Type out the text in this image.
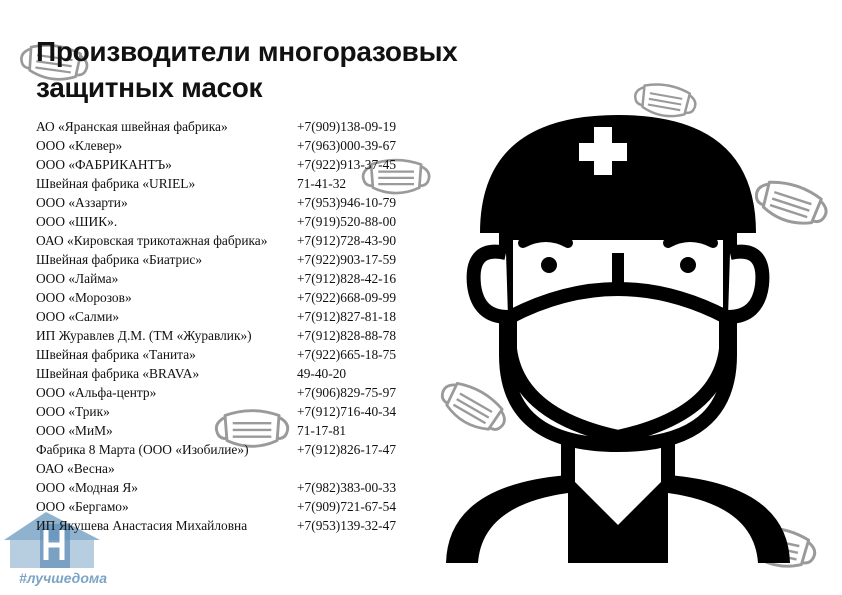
#лучшедома
Производители многоразовых защитных масок
АО «Яранская швейная фабрика»	+7(909)138-09-19
ООО «Клевер»	+7(963)000-39-67
ООО «ФАБРИКАНТЪ»	+7(922)913-37-45
Швейная фабрика «URIEL»	71-41-32
ООО «Аззарти»	+7(953)946-10-79
ООО «ШИК».	+7(919)520-88-00
ОАО «Кировская трикотажная фабрика»	+7(912)728-43-90
Швейная фабрика «Биатрис»	+7(922)903-17-59
ООО «Лайма»	+7(912)828-42-16
ООО «Морозов»	+7(922)668-09-99
ООО «Салми»	+7(912)827-81-18
ИП Журавлев Д.М. (ТМ «Журавлик»)	+7(912)828-88-78
Швейная фабрика «Танита»	+7(922)665-18-75
Швейная фабрика «BRAVA»	49-40-20
ООО «Альфа-центр»	+7(906)829-75-97
ООО «Трик»	+7(912)716-40-34
ООО «МиМ»	71-17-81
Фабрика 8 Марта (ООО «Изобилие»)	+7(912)826-17-47
ОАО «Весна»
ООО «Модная Я»	+7(982)383-00-33
ООО «Бергамо»	+7(909)721-67-54
ИП Якушева Анастасия Михайловна	+7(953)139-32-47
